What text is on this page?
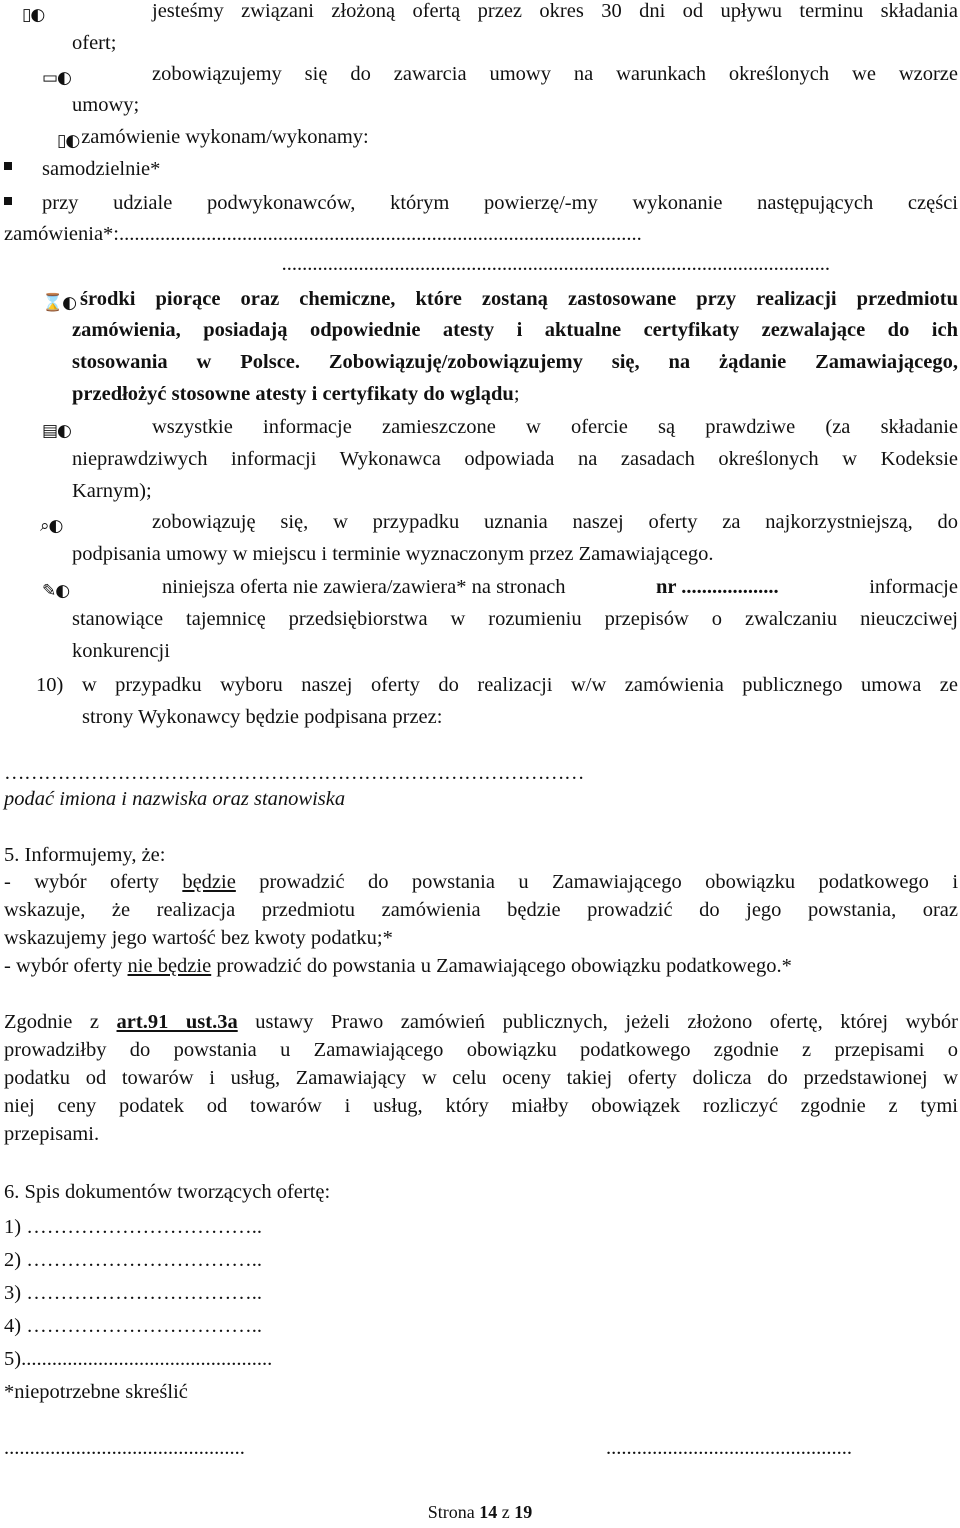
▯◐	jesteśmy związani złożoną ofertą przez okres 30 dni od upływu terminu składania
ofert;
▭◐	zobowiązujemy się do zawarcia umowy na warunkach określonych we wzorze
umowy;
▯◐zamówienie wykonam/wykonamy:
samodzielnie*
przy udziale podwykonawców, którym powierzę/-my wykonanie następujących części
zamówienia*:......................................................................................................
...........................................................................................................
⌛◐ środki piorące oraz chemiczne, które zostaną zastosowane przy realizacji przedmiotu
zamówienia, posiadają odpowiednie atesty i aktualne certyfikaty zezwalające do ich
stosowania w Polsce. Zobowiązuję/zobowiązujemy się, na żądanie Zamawiającego,
przedłożyć stosowne atesty i certyfikaty do wglądu;
▤◐	wszystkie informacje zamieszczone w ofercie są prawdziwe (za składanie
nieprawdziwych informacji Wykonawca odpowiada na zasadach określonych w Kodeksie
Karnym);
⌕◐	zobowiązuję się, w przypadku uznania naszej oferty za najkorzystniejszą, do
podpisania umowy w miejscu i terminie wyznaczonym przez Zamawiającego.
✎◐	niniejsza oferta nie zawiera/zawiera* na stronach	nr ...................	informacje
stanowiące tajemnicę przedsiębiorstwa w rozumieniu przepisów o zwalczaniu nieuczciwej
konkurencji
10) w przypadku wyboru naszej oferty do realizacji w/w zamówienia publicznego umowa ze
strony Wykonawcy będzie podpisana przez:
……………………………………………………………………………
podać imiona i nazwiska oraz stanowiska
5. Informujemy, że:
- wybór oferty będzie prowadzić do powstania u Zamawiającego obowiązku podatkowego i
wskazuje, że realizacja przedmiotu zamówienia będzie prowadzić do jego powstania, oraz
wskazujemy jego wartość bez kwoty podatku;*
- wybór oferty nie będzie prowadzić do powstania u Zamawiającego obowiązku podatkowego.*
Zgodnie z art.91 ust.3a ustawy Prawo zamówień publicznych, jeżeli złożono ofertę, której wybór
prowadziłby do powstania u Zamawiającego obowiązku podatkowego zgodnie z przepisami o
podatku od towarów i usług, Zamawiający w celu oceny takiej oferty dolicza do przedstawionej w
niej ceny podatek od towarów i usług, który miałby obowiązek rozliczyć zgodnie z tymi
przepisami.
6. Spis dokumentów tworzących ofertę:
1) ……………………………..
2) ……………………………..
3) ……………………………..
4) ……………………………..
5).................................................
*niepotrzebne skreślić
...............................................	................................................
Strona 14 z 19
